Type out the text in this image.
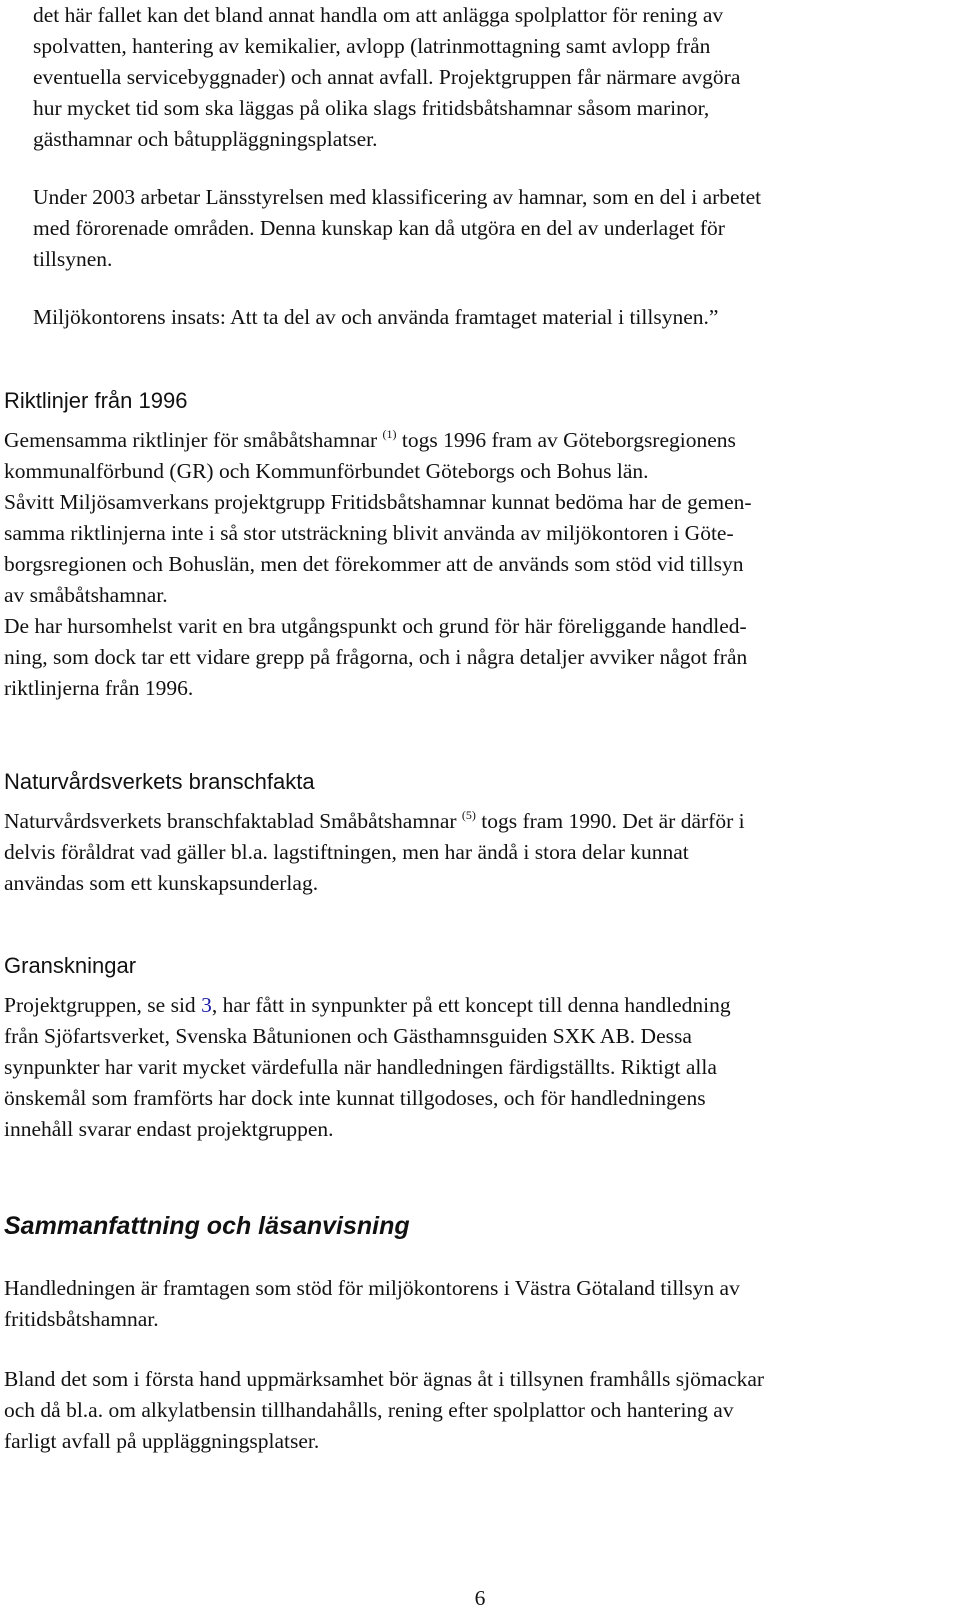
det här fallet kan det bland annat handla om att anlägga spolplattor för rening av

spolvatten, hantering av kemikalier, avlopp (latrinmottagning samt avlopp från

eventuella servicebyggnader) och annat avfall. Projektgruppen får närmare avgöra

hur mycket tid som ska läggas på olika slags fritidsbåtshamnar såsom marinor,

gästhamnar och båtuppläggningsplatser.

Under 2003 arbetar Länsstyrelsen med klassificering av hamnar, som en del i arbetet

med förorenade områden. Denna kunskap kan då utgöra en del av underlaget för

tillsynen.

Miljökontorens insats: Att ta del av och använda framtaget material i tillsynen.”

Riktlinjer från 1996

Gemensamma riktlinjer för småbåtshamnar $^{(1)}$ togs 1996 fram av Göteborgsregionens

kommunalförbund (GR) och Kommunförbundet Göteborgs och Bohus län.

Såvitt Miljösamverkans projektgrupp Fritidsbåtshamnar kunnat bedöma har de gemen-

samma riktlinjerna inte i så stor utsträckning blivit använda av miljökontoren i Göte-

borgsregionen och Bohuslän, men det förekommer att de används som stöd vid tillsyn

av småbåtshamnar.

De har hursomhelst varit en bra utgångspunkt och grund för här föreliggande handled-

ning, som dock tar ett vidare grepp på frågorna, och i några detaljer avviker något från

riktlinjerna från 1996.

Naturvårdsverkets branschfakta

Naturvårdsverkets branschfaktablad Småbåtshamnar $^{(5)}$ togs fram 1990. Det är därför i

delvis föråldrat vad gäller bl.a. lagstiftningen, men har ändå i stora delar kunnat

användas som ett kunskapsunderlag.

Granskningar

Projektgruppen, se sid 3, har fått in synpunkter på ett koncept till denna handledning

från Sjöfartsverket, Svenska Båtunionen och Gästhamnsguiden SXK AB. Dessa

synpunkter har varit mycket värdefulla när handledningen färdigställts. Riktigt alla

önskemål som framförts har dock inte kunnat tillgodoses, och för handledningens

innehåll svarar endast projektgruppen.

Sammanfattning och läsanvisning

Handledningen är framtagen som stöd för miljökontorens i Västra Götaland tillsyn av

fritidsbåtshamnar.

Bland det som i första hand uppmärksamhet bör ägnas åt i tillsynen framhålls sjömackar

och då bl.a. om alkylatbensin tillhandahålls, rening efter spolplattor och hantering av

farligt avfall på uppläggningsplatser.

6
